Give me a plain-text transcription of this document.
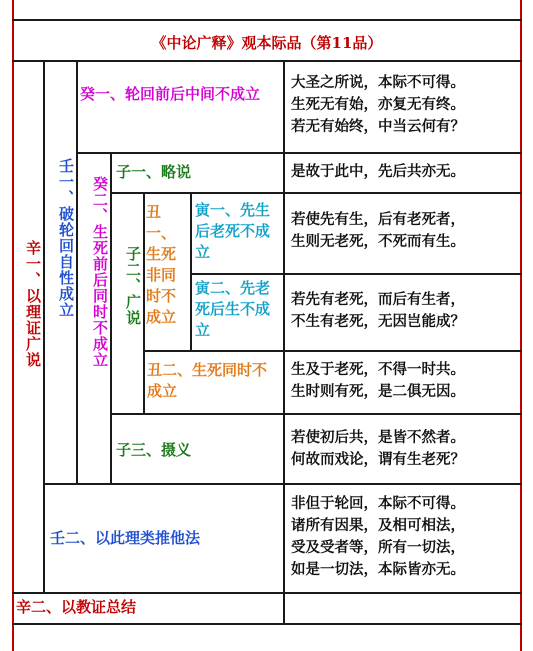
《中论广释》观本际品（第11品）
辛一、以理证广说	壬一、破轮回自性成立
癸一、轮回前后中间不成立
癸二、生死前后同时不成立
子一、略说
子二、广说
丑一、生死非同时不成立
寅一、先生后老死不成立
寅二、先老死后生不成立
丑二、生死同时不成立
子三、摄义
壬二、以此理类推他法
辛二、以教证总结
大圣之所说，本际不可得。
生死无有始，亦复无有终。
若无有始终，中当云何有？
是故于此中，先后共亦无。
若使先有生，后有老死者，
生则无老死，不死而有生。
若先有老死，而后有生者，
不生有老死，无因岂能成？
生及于老死，不得一时共。
生时则有死，是二俱无因。
若使初后共，是皆不然者。
何故而戏论，谓有生老死？
非但于轮回，本际不可得。
诸所有因果，及相可相法，
受及受者等，所有一切法，
如是一切法，本际皆亦无。
